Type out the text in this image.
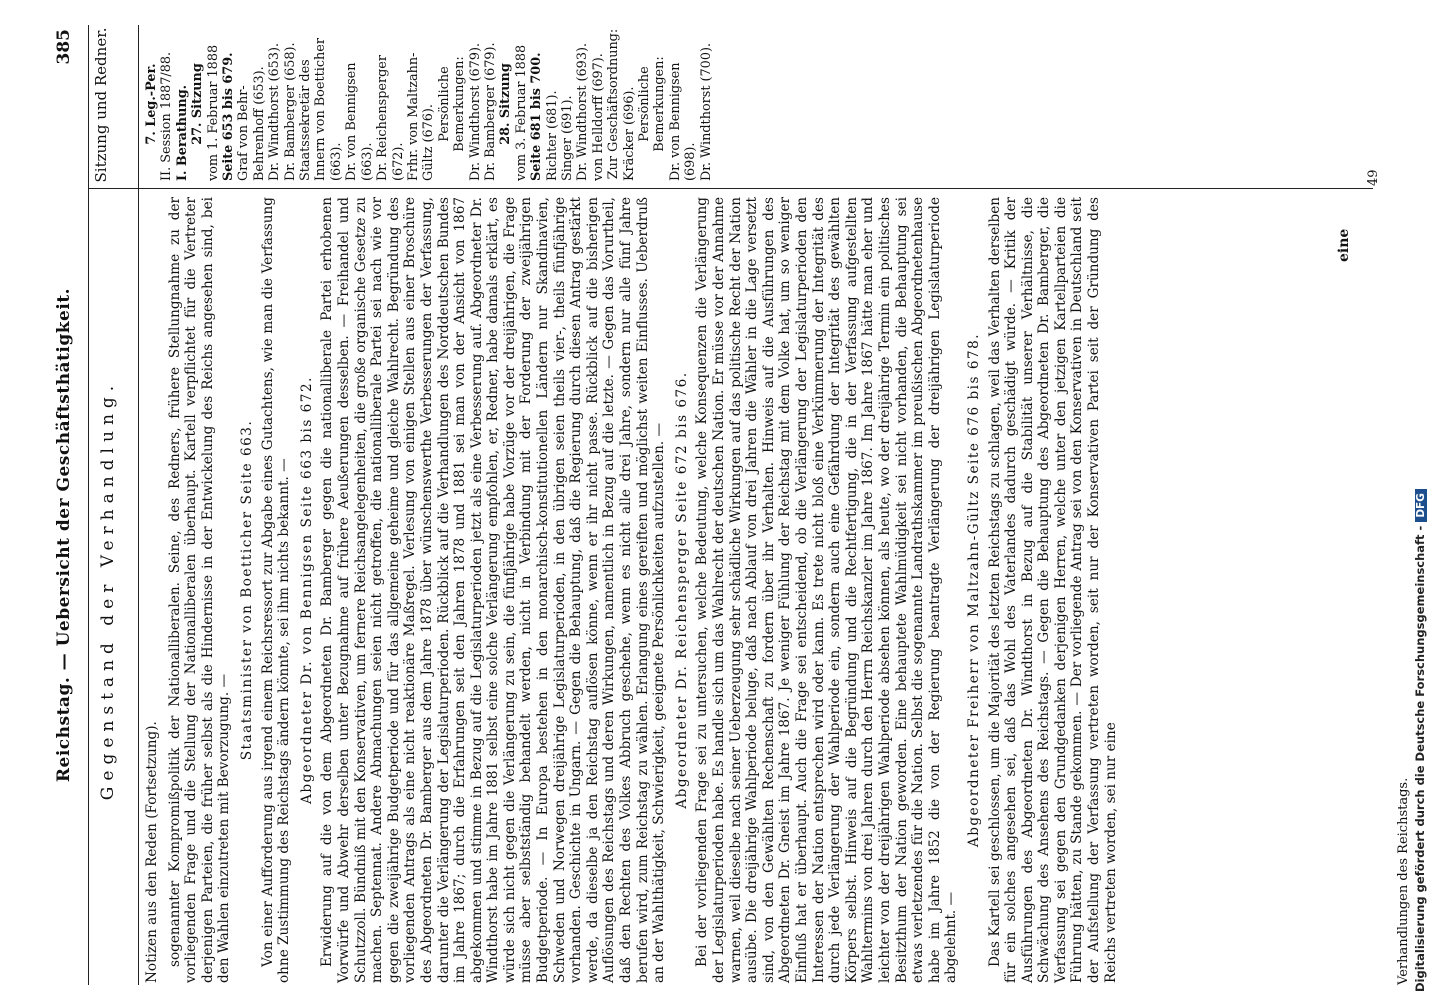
Reichstag. — Uebersicht der Geschäftsthätigkeit.
385
Gegenstand der Verhandlung.
Sitzung und Redner.

Notizen aus den Reden (Fortsetzung). sogenannter Kompromißpolitik der Nationalliberalen. Seine, des Redners, frühere Stellungnahme zu der vorliegenden Frage und die Stellung der Nationalliberalen überhaupt. Kartell verpflichtet für die Vertreter derjenigen Parteien, die früher selbst als die Hindernisse in der Entwickelung des Reichs angesehen sind, bei den Wahlen einzutreten mit Bevorzugung. —

Staatsminister von Boetticher Seite 663. Von einer Aufforderung aus irgend einem Reichsressort zur Abgabe eines Gutachtens, wie man die Verfassung ohne Zustimmung des Reichstags ändern könnte, sei ihm nichts bekannt. — Abgeordneter Dr. von Bennigsen Seite 663 bis 672. Erwiderung auf die von dem Abgeordneten Dr. Bamberger gegen die nationalliberale Partei erhobenen Vorwürfe und Abwehr derselben unter Bezugnahme auf frühere Aeußerungen desselben. — Freihandel und Schutzzoll. Bündniß mit den Konservativen, um fernere Reichsangelegenheiten, die große organische Gesetze zu machen. Septennat. Andere Abmachungen seien nicht getroffen, die nationalliberale Partei sei nach wie vor gegen die zweijährige Budgetperiode und für das allgemeine geheime und gleiche Wahlrecht. Begründung des vorliegenden Antrags als eine nicht reaktionäre Maßregel. Verlesung von einigen Stellen aus einer Broschüre des Abgeordneten Dr. Bamberger aus dem Jahre 1878 über wünschenswerthe Verbesserungen der Verfassung, darunter die Verlängerung der Legislaturperioden. Rückblick auf die Verhandlungen des Norddeutschen Bundes im Jahre 1867; durch die Erfahrungen seit den Jahren 1878 und 1881 sei man von der Ansicht von 1867 abgekommen und stimme in Bezug auf die Legislaturperioden jetzt als eine Verbesserung auf. Abgeordneter Dr. Windthorst habe im Jahre 1881 selbst eine solche Verlängerung empfohlen, er, Redner, habe damals erklärt, es würde sich nicht gegen die Verlängerung zu sein, die fünfjährige habe Vorzüge vor der dreijährigen, die Frage müsse aber selbstständig behandelt werden, nicht in Verbindung mit der Forderung der zweijährigen Budgetperiode. — In Europa bestehen in den monarchisch-konstitutionellen Ländern nur Skandinavien, Schweden und Norwegen dreijährige Legislaturperioden, in den übrigen seien theils vier-, theils fünfjährige vorhanden. Geschichte in Ungarn. — Gegen die Behauptung, daß die Regierung durch diesen Antrag gestärkt werde, da dieselbe ja den Reichstag auflösen könne, wenn er ihr nicht passe. Rückblick auf die bisherigen Auflösungen des Reichstags und deren Wirkungen, namentlich in Bezug auf die letzte. — Gegen das Vorurtheil, daß den Rechten des Volkes Abbruch geschehe, wenn es nicht alle drei Jahre, sondern nur alle fünf Jahre berufen wird, zum Reichstag zu wählen. Erlangung eines gereiften und möglichst weiten Einflusses. Ueberdruß an der Wahlthätigkeit, Schwierigkeit, geeignete Persönlichkeiten aufzustellen. — Abgeordneter Dr. Reichensperger Seite 672 bis 676. Bei der vorliegenden Frage sei zu untersuchen, welche Bedeutung, welche Konsequenzen die Verlängerung der Legislaturperioden habe. Es handle sich um das Wahlrecht der deutschen Nation. Er müsse vor der Annahme warnen, weil dieselbe nach seiner Ueberzeugung sehr schädliche Wirkungen auf das politische Recht der Nation ausübe. Die dreijährige Wahlperiode beluge, daß nach Ablauf von drei Jahren die Wähler in die Lage versetzt sind, von den Gewählten Rechenschaft zu fordern über ihr Verhalten. Hinweis auf die Ausführungen des Abgeordneten Dr. Gneist im Jahre 1867. Je weniger Fühlung der Reichstag mit dem Volke hat, um so weniger Einfluß hat er überhaupt. Auch die Frage sei entscheidend, ob die Verlängerung der Legislaturperioden den Interessen der Nation entsprechen wird oder kann. Es trete nicht bloß eine Verkümmerung der Integrität des durch jede Verlängerung der Wahlperiode ein, sondern auch eine Gefährdung der Integrität des gewählten Körpers selbst. Hinweis auf die Begründung und die Rechtfertigung, die in der Verfassung aufgestellten Wahltermins von drei Jahren durch den Herrn Reichskanzler im Jahre 1867. Im Jahre 1867 hätte man eher und leichter von der dreijährigen Wahlperiode absehen können, als heute, wo der dreijährige Termin ein politisches Besitzthum der Nation geworden. Eine behauptete Wahlmüdigkeit sei nicht vorhanden, die Behauptung sei etwas verletzendes für die Nation. Selbst die sogenannte Landrathskammer im preußischen Abgeordnetenhause habe im Jahre 1852 die von der Regierung beantragte Verlängerung der dreijährigen Legislaturperiode abgelehnt. —

Abgeordneter Freiherr von Maltzahn-Gültz Seite 676 bis 678. Das Kartell sei geschlossen, um die Majorität des letzten Reichstags zu schlagen, weil das Verhalten derselben für ein solches angesehen sei, daß das Wohl des Vaterlandes dadurch geschädigt würde. — Kritik der Ausführungen des Abgeordneten Dr. Windthorst in Bezug auf die Stabilität unserer Verhältnisse, die Schwächung des Ansehens des Reichstags. — Gegen die Behauptung des Abgeordneten Dr. Bamberger, die Verfassung sei gegen den Grundgedanken derjenigen Herren, welche unter den jetzigen Kartellparteien die Führung hätten, zu Stande gekommen. — Der vorliegende Antrag sei von den Konservativen in Deutschland seit der Aufstellung der Verfassung vertreten worden, seit nur der Konservativen Partei seit der Gründung des Reichs vertreten worden, sei nur eine

7. Leg.-Per. II. Session 1887/88. I. Berathung. 27. Sitzung vom 1. Februar 1888 Seite 653 bis 679. Graf von Behr-Behrenhoff (653). Dr. Windthorst (653). Dr. Bamberger (658). Staatssekretär des Innern von Boetticher (663). Dr. von Bennigsen (663). Dr. Reichensperger (672). Frhr. von Maltzahn-Gültz (676). Persönliche Bemerkungen: Dr. Windthorst (679). Dr. Bamberger (679). 28. Sitzung vom 3. Februar 1888 Seite 681 bis 700. Richter (681). Singer (691). Dr. Windthorst (693). von Helldorff (697). Zur Geschäftsordnung: Kräcker (696). Persönliche Bemerkungen: Dr. von Bennigsen (698). Dr. Windthorst (700).
Verhandlungen des Reichstags.
49
eine
Digitalisierung gefördert durch die Deutsche Forschungsgemeinschaft -DFG
